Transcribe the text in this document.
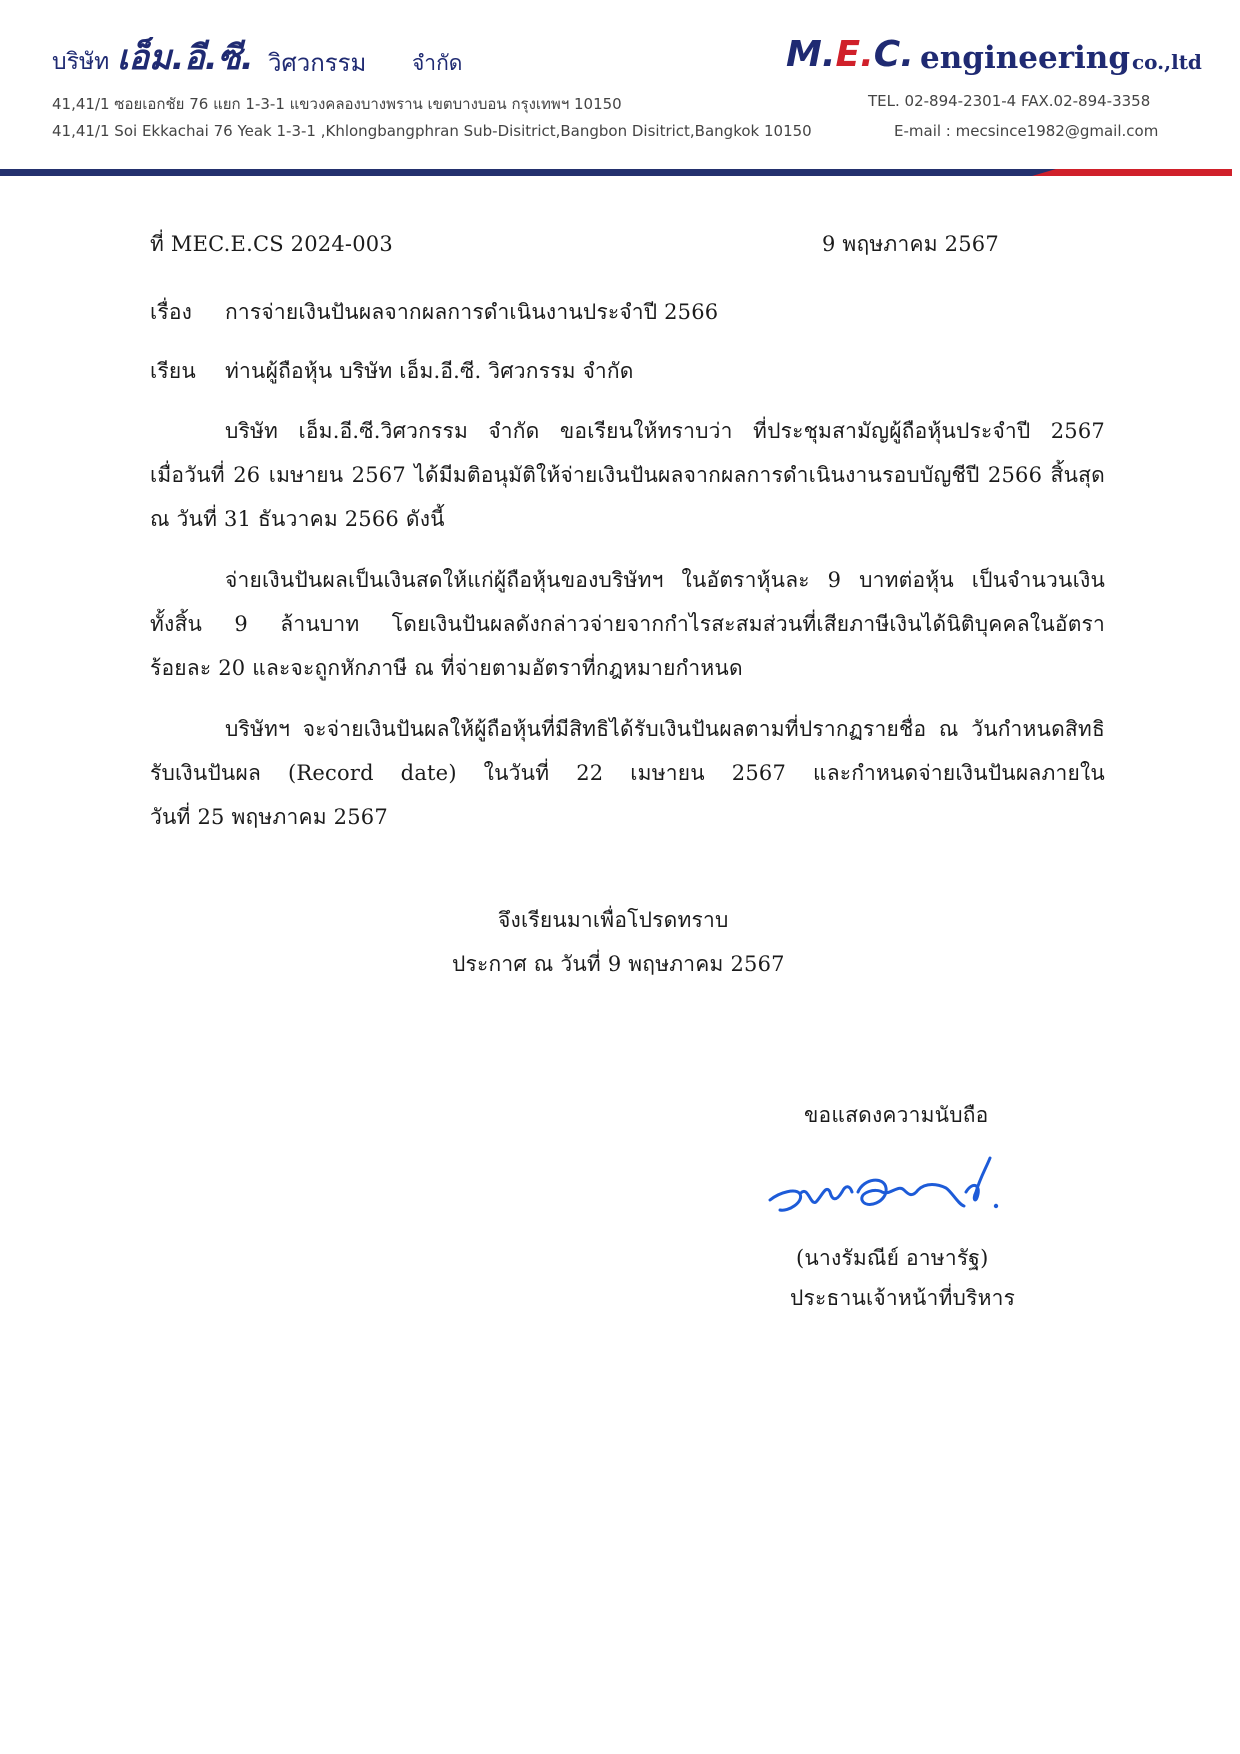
บริษัท เอ็ม.อี.ซี. วิศวกรรม จำกัด	M.E.C. engineering co.,ltd
41,41/1 ซอยเอกชัย 76 แยก 1-3-1 แขวงคลองบางพราน เขตบางบอน กรุงเทพฯ 10150
41,41/1 Soi Ekkachai 76 Yeak 1-3-1 ,Khlongbangphran Sub-Disitrict,Bangbon Disitrict,Bangkok 10150
TEL. 02-894-2301-4 FAX.02-894-3358
E-mail : mecsince1982@gmail.com
ที่ MEC.E.CS 2024-003	9 พฤษภาคม 2567
เรื่อง การจ่ายเงินปันผลจากผลการดำเนินงานประจำปี 2566
เรียน ท่านผู้ถือหุ้น บริษัท เอ็ม.อี.ซี. วิศวกรรม จำกัด
บริษัท เอ็ม.อี.ซี.วิศวกรรม จำกัด ขอเรียนให้ทราบว่า ที่ประชุมสามัญผู้ถือหุ้นประจำปี 2567
เมื่อวันที่ 26 เมษายน 2567 ได้มีมติอนุมัติให้จ่ายเงินปันผลจากผลการดำเนินงานรอบบัญชีปี 2566 สิ้นสุด
ณ วันที่ 31 ธันวาคม 2566 ดังนี้
จ่ายเงินปันผลเป็นเงินสดให้แก่ผู้ถือหุ้นของบริษัทฯ ในอัตราหุ้นละ 9 บาทต่อหุ้น เป็นจำนวนเงิน
ทั้งสิ้น 9 ล้านบาท โดยเงินปันผลดังกล่าวจ่ายจากกำไรสะสมส่วนที่เสียภาษีเงินได้นิติบุคคลในอัตรา
ร้อยละ 20 และจะถูกหักภาษี ณ ที่จ่ายตามอัตราที่กฎหมายกำหนด
บริษัทฯ จะจ่ายเงินปันผลให้ผู้ถือหุ้นที่มีสิทธิได้รับเงินปันผลตามที่ปรากฏรายชื่อ ณ วันกำหนดสิทธิ
รับเงินปันผล (Record date) ในวันที่ 22 เมษายน 2567 และกำหนดจ่ายเงินปันผลภายใน
วันที่ 25 พฤษภาคม 2567
จึงเรียนมาเพื่อโปรดทราบ
ประกาศ ณ วันที่ 9 พฤษภาคม 2567
ขอแสดงความนับถือ
(นางรัมณีย์ อาษารัฐ)
ประธานเจ้าหน้าที่บริหาร
